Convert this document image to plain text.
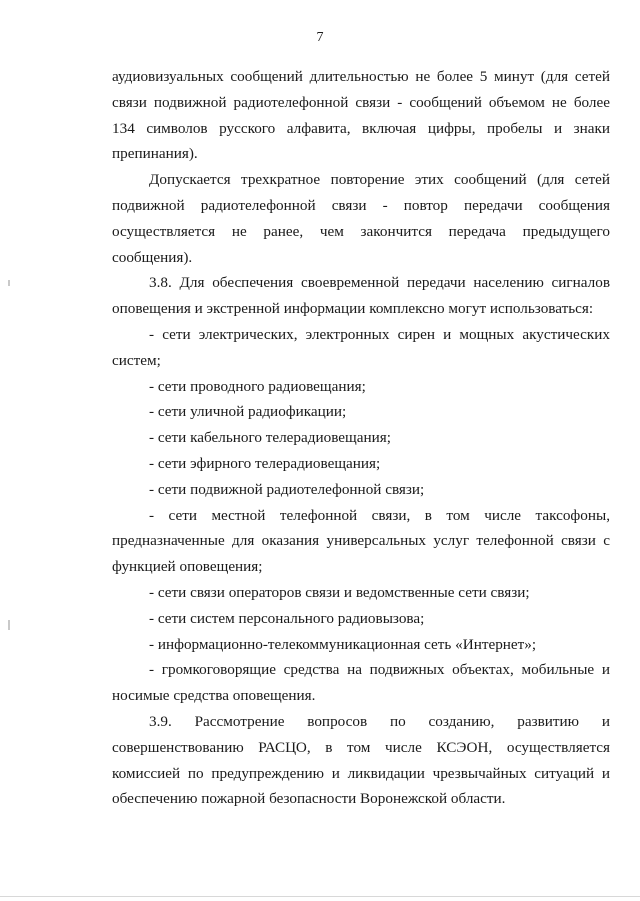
7

аудиовизуальных сообщений длительностью не более 5 минут (для сетей связи подвижной радиотелефонной связи - сообщений объемом не более 134 символов русского алфавита, включая цифры, пробелы и знаки препинания).

Допускается трехкратное повторение этих сообщений (для сетей подвижной радиотелефонной связи - повтор передачи сообщения осуществляется не ранее, чем закончится передача предыдущего сообщения).

3.8. Для обеспечения своевременной передачи населению сигналов оповещения и экстренной информации комплексно могут использоваться:

- сети электрических, электронных сирен и мощных акустических систем;

- сети проводного радиовещания;

- сети уличной радиофикации;

- сети кабельного телерадиовещания;

- сети эфирного телерадиовещания;

- сети подвижной радиотелефонной связи;

- сети местной телефонной связи, в том числе таксофоны, предназначенные для оказания универсальных услуг телефонной связи с функцией оповещения;

- сети связи операторов связи и ведомственные сети связи;

- сети систем персонального радиовызова;

- информационно-телекоммуникационная сеть «Интернет»;

- громкоговорящие средства на подвижных объектах, мобильные и носимые средства оповещения.

3.9. Рассмотрение вопросов по созданию, развитию и совершенствованию РАСЦО, в том числе КСЭОН, осуществляется комиссией по предупреждению и ликвидации чрезвычайных ситуаций и обеспечению пожарной безопасности Воронежской области.
